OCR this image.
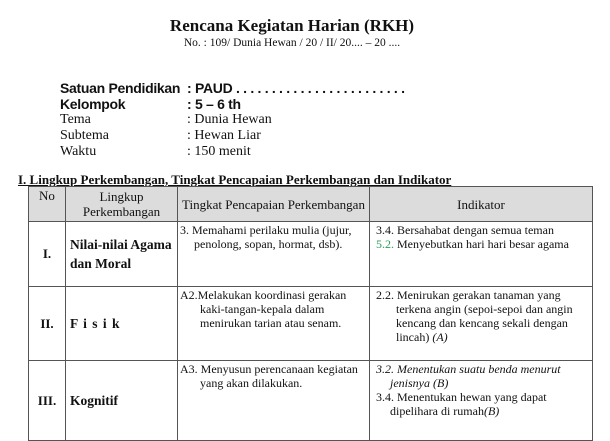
Rencana Kegiatan Harian (RKH)
No. : 109/ Dunia Hewan / 20 / II/ 20.... – 20 ....
Satuan Pendidikan : PAUD . . . . . . . . . . . . . . . . . . . . . . . .
Kelompok	: 5 – 6 th
Tema	: Dunia Hewan
Subtema	: Hewan Liar
Waktu	: 150 menit
I. Lingkup Perkembangan, Tingkat Pencapaian Perkembangan dan Indikator
No	Lingkup Perkembangan	Tingkat Pencapaian Perkembangan	Indikator
I.	Nilai-nilai Agama dan Moral	3. Memahami perilaku mulia (jujur, penolong, sopan, hormat, dsb).	3.4. Bersahabat dengan semua teman
5.2. Menyebutkan hari hari besar agama

II.	F i s i k	A2.Melakukan koordinasi gerakan kaki-tangan-kepala dalam menirukan tarian atau senam.	2.2. Menirukan gerakan tanaman yang terkena angin (sepoi-sepoi dan angin kencang dan kencang sekali dengan lincah) (A)

III.	Kognitif	A3. Menyusun perencanaan kegiatan yang akan dilakukan.	3.2. Menentukan suatu benda menurut jenisnya (B)
3.4. Menentukan hewan yang dapat dipelihara di rumah(B)
